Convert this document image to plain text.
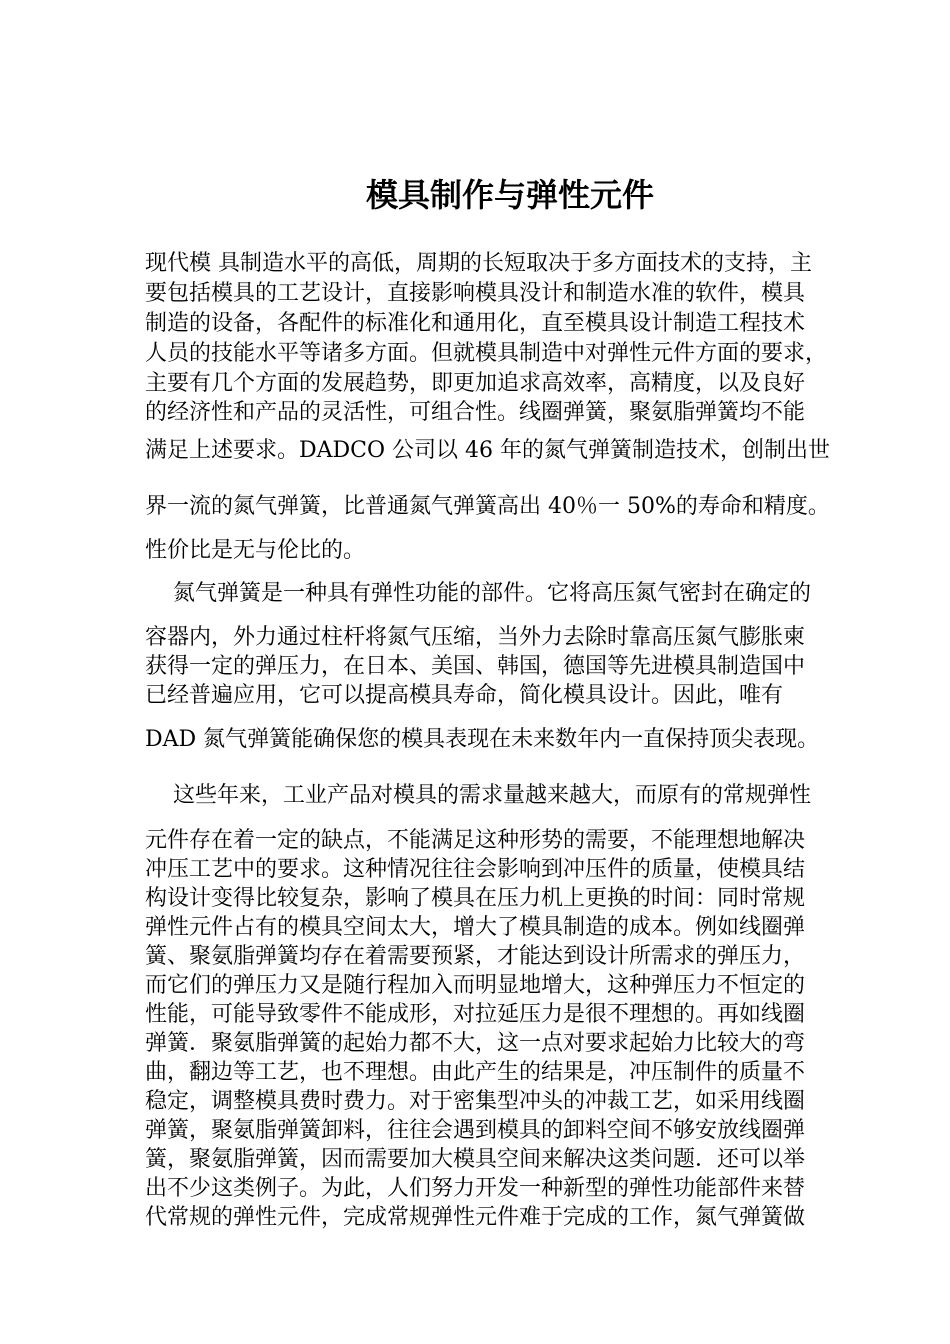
模具制作与弹性元件
现代模 具制造水平的高低，周期的长短取决于多方面技术的支持，主
要包括模具的工艺设计，直接影响模具没计和制造水准的软件，模具
制造的设备，各配件的标准化和通用化，直至模具设计制造工程技术
人员的技能水平等诸多方面。但就模具制造中对弹性元件方面的要求，
主要有几个方面的发展趋势，即更加追求高效率，高精度，以及良好
的经济性和产品的灵活性，可组合性。线圈弹簧，聚氨脂弹簧均不能
满足上述要求。DADCO 公司以 46 年的氮气弹簧制造技术，创制出世
界一流的氮气弹簧，比普通氮气弹簧高出 40％一 50%的寿命和精度。
性价比是无与伦比的。
氮气弹簧是一种具有弹性功能的部件。它将高压氮气密封在确定的
容器内，外力通过柱杆将氮气压缩，当外力去除时靠高压氮气膨胀柬
获得一定的弹压力，在日本、美国、韩国，德国等先进模具制造国中
已经普遍应用，它可以提高模具寿命，简化模具设计。因此，唯有
DAD 氮气弹簧能确保您的模具表现在未来数年内一直保持顶尖表现。
这些年来，工业产品对模具的需求量越来越大，而原有的常规弹性
元件存在着一定的缺点，不能满足这种形势的需要，不能理想地解决
冲压工艺中的要求。这种情况往往会影响到冲压件的质量，使模具结
构设计变得比较复杂，影响了模具在压力机上更换的时间：同时常规
弹性元件占有的模具空间太大，增大了模具制造的成本。例如线圈弹
簧、聚氨脂弹簧均存在着需要预紧，才能达到设计所需求的弹压力，
而它们的弹压力又是随行程加入而明显地增大，这种弹压力不恒定的
性能，可能导致零件不能成形，对拉延压力是很不理想的。再如线圈
弹簧．聚氨脂弹簧的起始力都不大，这一点对要求起始力比较大的弯
曲，翻边等工艺，也不理想。由此产生的结果是，冲压制件的质量不
稳定，调整模具费时费力。对于密集型冲头的冲裁工艺，如采用线圈
弹簧，聚氨脂弹簧卸料，往往会遇到模具的卸料空间不够安放线圈弹
簧，聚氨脂弹簧，因而需要加大模具空间来解决这类问题．还可以举
出不少这类例子。为此，人们努力开发一种新型的弹性功能部件来替
代常规的弹性元件，完成常规弹性元件难于完成的工作，氮气弹簧做
